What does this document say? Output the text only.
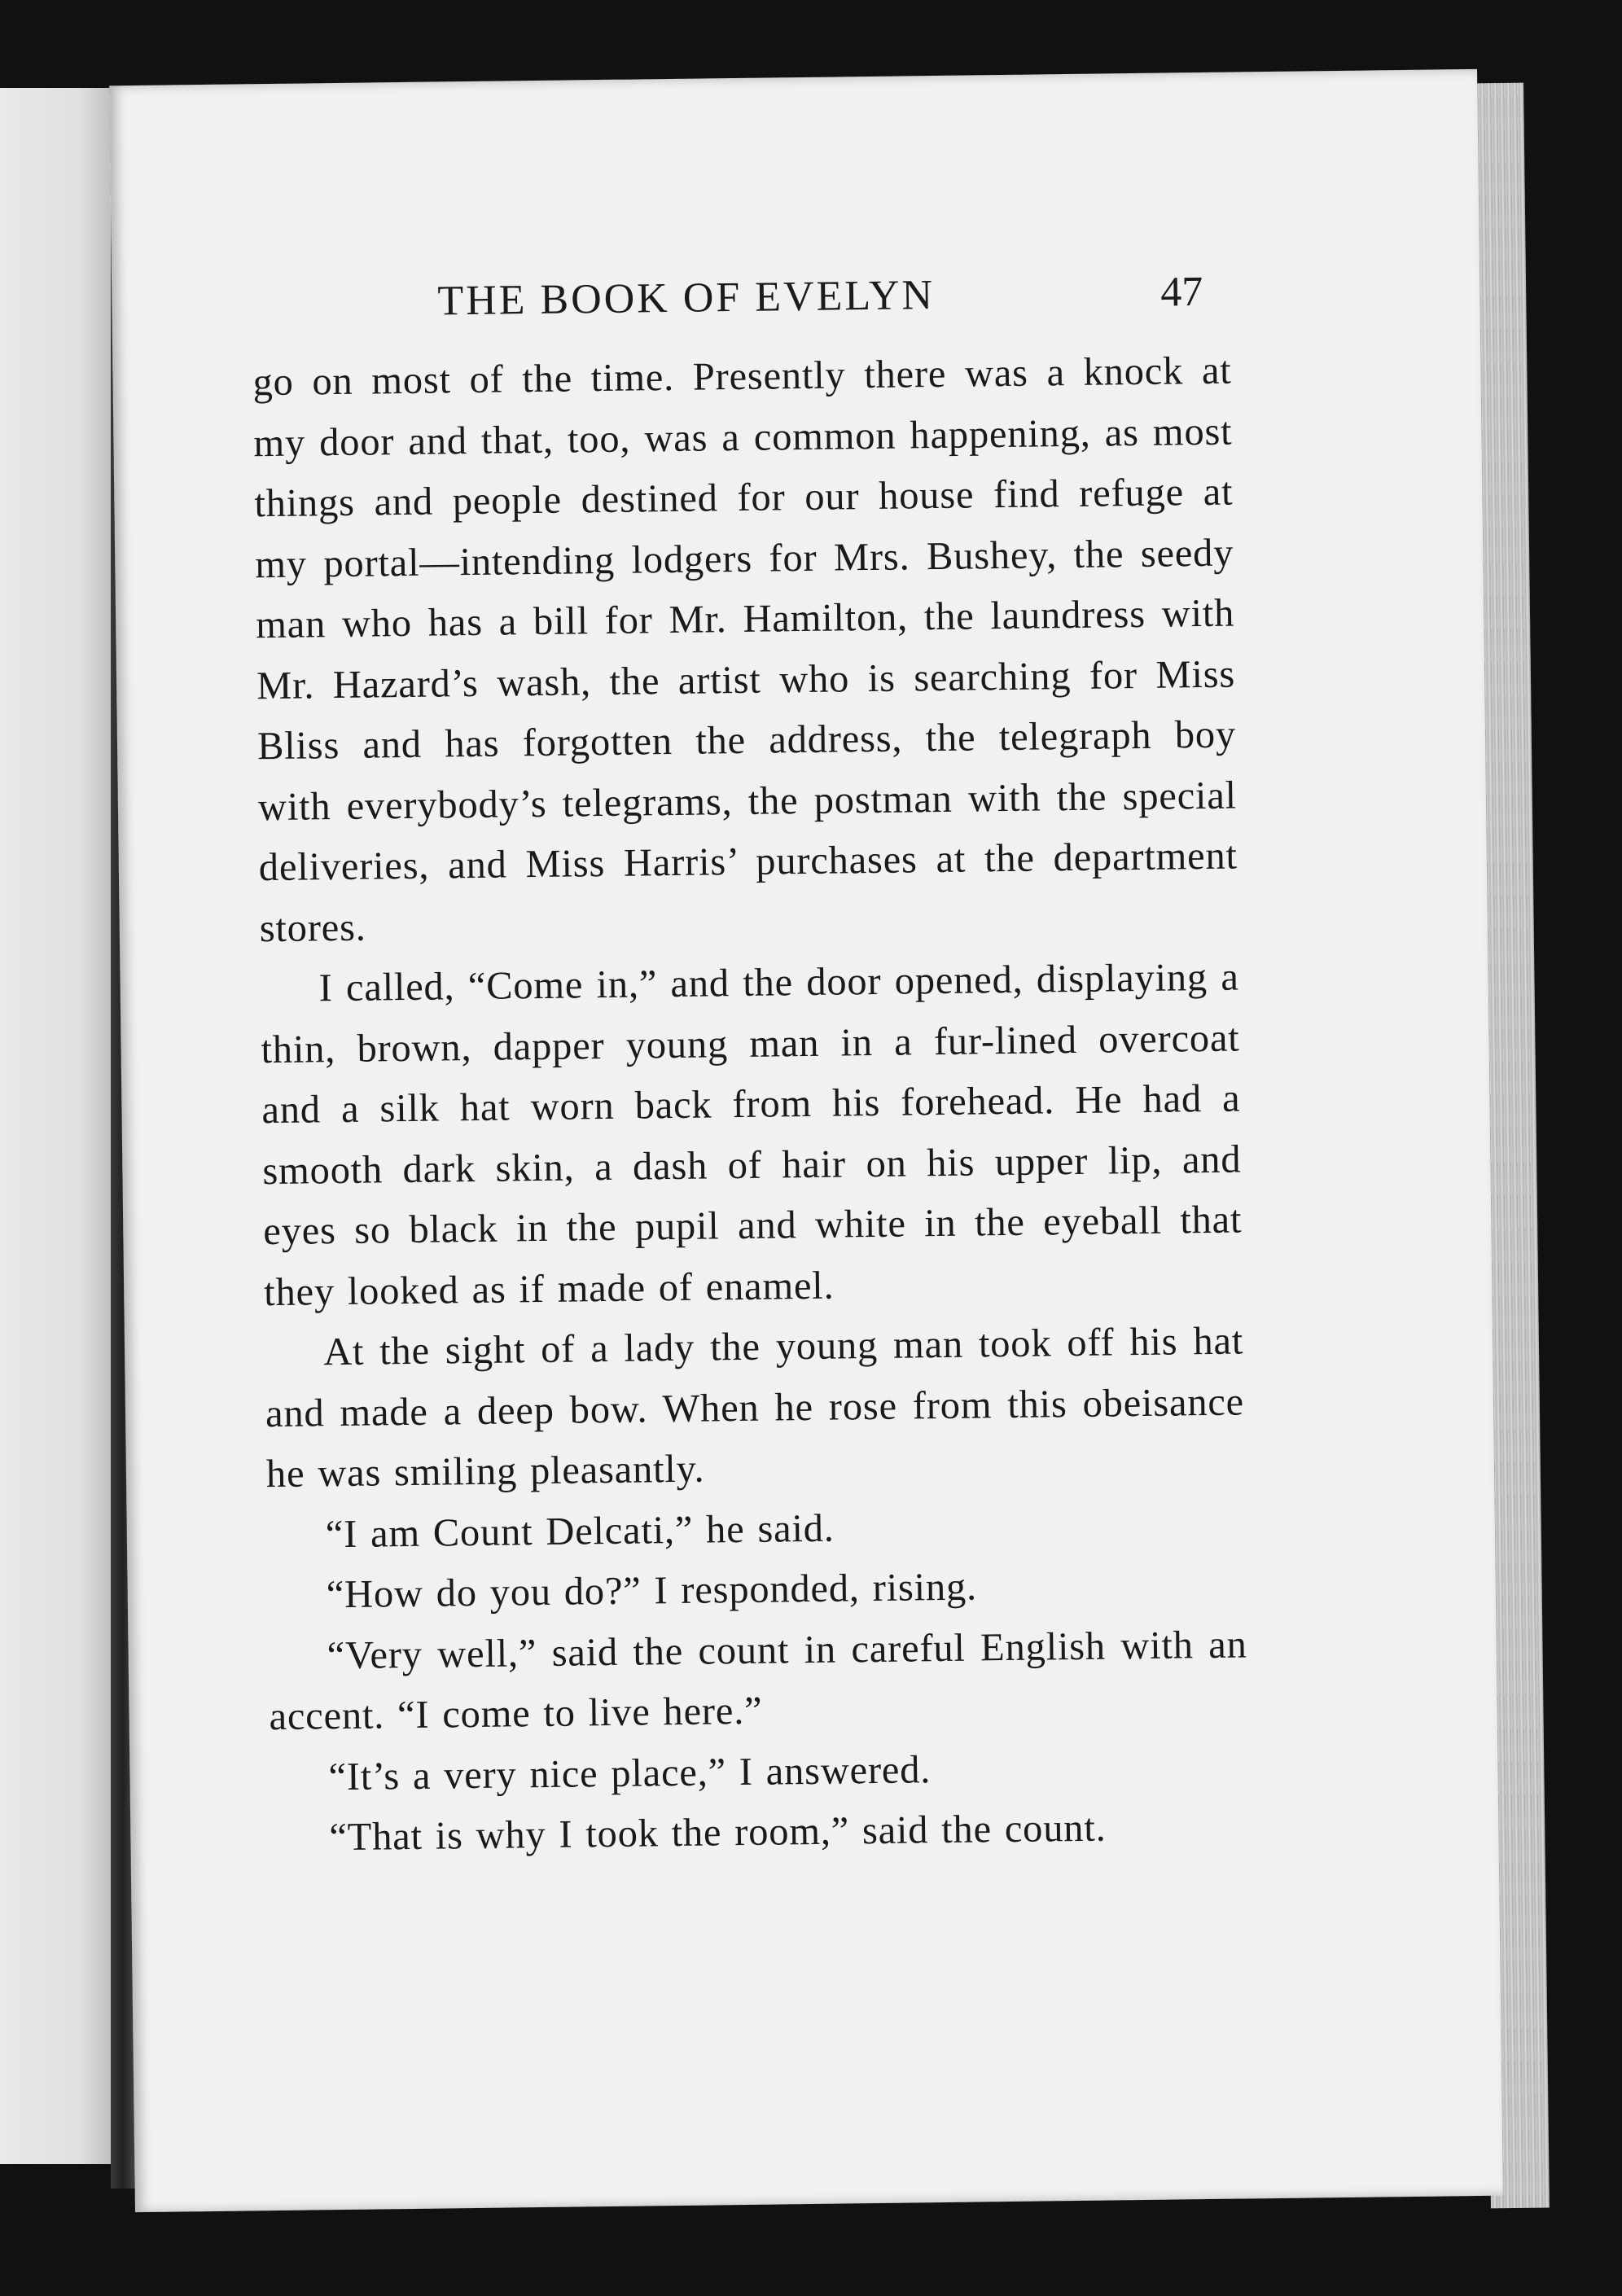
THE BOOK OF EVELYN	47

go on most of the time. Presently there was a knock at my door and that, too, was a common happening, as most things and people destined for our house find refuge at my portal—intending lodgers for Mrs. Bushey, the seedy man who has a bill for Mr. Hamilton, the laundress with Mr. Hazard’s wash, the artist who is searching for Miss Bliss and has forgotten the address, the telegraph boy with everybody’s telegrams, the postman with the special deliveries, and Miss Harris’ purchases at the department stores.

I called, “Come in,” and the door opened, displaying a thin, brown, dapper young man in a fur-lined overcoat and a silk hat worn back from his forehead. He had a smooth dark skin, a dash of hair on his upper lip, and eyes so black in the pupil and white in the eyeball that they looked as if made of enamel.

At the sight of a lady the young man took off his hat and made a deep bow. When he rose from this obeisance he was smiling pleasantly.

“I am Count Delcati,” he said.

“How do you do?” I responded, rising.

“Very well,” said the count in careful English with an accent. “I come to live here.”

“It’s a very nice place,” I answered.

“That is why I took the room,” said the count.
